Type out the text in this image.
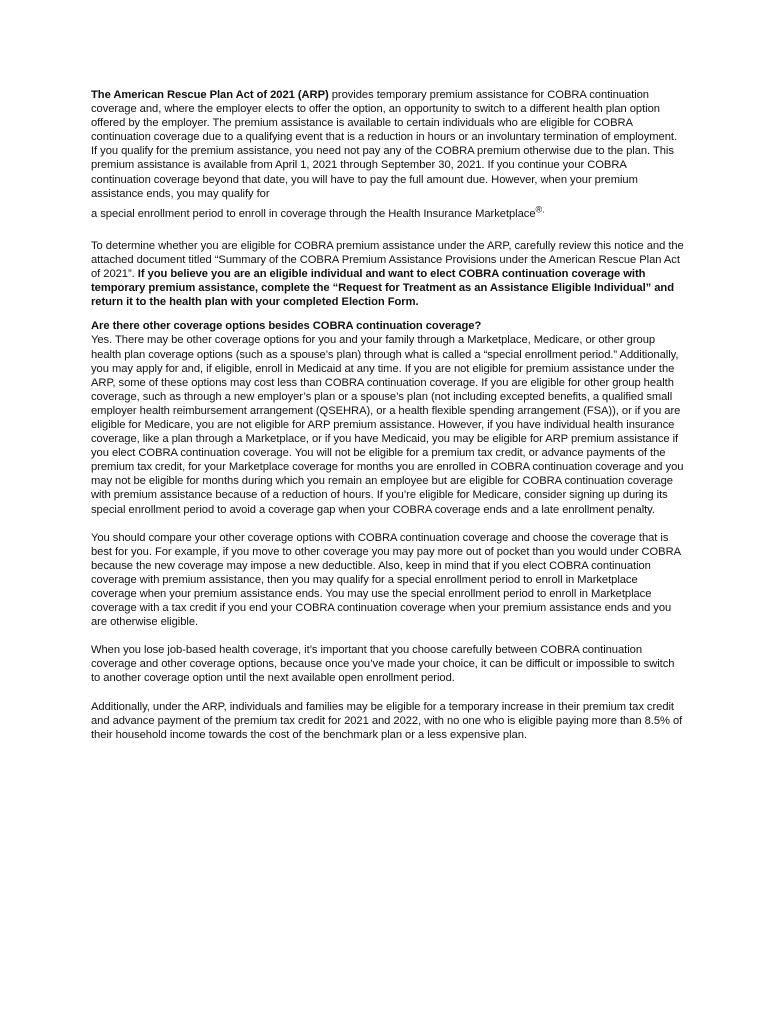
The American Rescue Plan Act of 2021 (ARP) provides temporary premium assistance for COBRA continuation coverage and, where the employer elects to offer the option, an opportunity to switch to a different health plan option offered by the employer. The premium assistance is available to certain individuals who are eligible for COBRA continuation coverage due to a qualifying event that is a reduction in hours or an involuntary termination of employment. If you qualify for the premium assistance, you need not pay any of the COBRA premium otherwise due to the plan. This premium assistance is available from April 1, 2021 through September 30, 2021. If you continue your COBRA continuation coverage beyond that date, you will have to pay the full amount due. However, when your premium assistance ends, you may qualify for
a special enrollment period to enroll in coverage through the Health Insurance Marketplace®.

To determine whether you are eligible for COBRA premium assistance under the ARP, carefully review this notice and the attached document titled “Summary of the COBRA Premium Assistance Provisions under the American Rescue Plan Act of 2021”. If you believe you are an eligible individual and want to elect COBRA continuation coverage with temporary premium assistance, complete the “Request for Treatment as an Assistance Eligible Individual” and return it to the health plan with your completed Election Form.

Are there other coverage options besides COBRA continuation coverage?
Yes. There may be other coverage options for you and your family through a Marketplace, Medicare, or other group health plan coverage options (such as a spouse’s plan) through what is called a “special enrollment period.” Additionally, you may apply for and, if eligible, enroll in Medicaid at any time. If you are not eligible for premium assistance under the ARP, some of these options may cost less than COBRA continuation coverage. If you are eligible for other group health coverage, such as through a new employer’s plan or a spouse’s plan (not including excepted benefits, a qualified small employer health reimbursement arrangement (QSEHRA), or a health flexible spending arrangement (FSA)), or if you are eligible for Medicare, you are not eligible for ARP premium assistance. However, if you have individual health insurance coverage, like a plan through a Marketplace, or if you have Medicaid, you may be eligible for ARP premium assistance if you elect COBRA continuation coverage. You will not be eligible for a premium tax credit, or advance payments of the premium tax credit, for your Marketplace coverage for months you are enrolled in COBRA continuation coverage and you may not be eligible for months during which you remain an employee but are eligible for COBRA continuation coverage with premium assistance because of a reduction of hours. If you’re eligible for Medicare, consider signing up during its special enrollment period to avoid a coverage gap when your COBRA coverage ends and a late enrollment penalty.

You should compare your other coverage options with COBRA continuation coverage and choose the coverage that is best for you. For example, if you move to other coverage you may pay more out of pocket than you would under COBRA because the new coverage may impose a new deductible. Also, keep in mind that if you elect COBRA continuation coverage with premium assistance, then you may qualify for a special enrollment period to enroll in Marketplace coverage when your premium assistance ends. You may use the special enrollment period to enroll in Marketplace coverage with a tax credit if you end your COBRA continuation coverage when your premium assistance ends and you are otherwise eligible.

When you lose job-based health coverage, it’s important that you choose carefully between COBRA continuation coverage and other coverage options, because once you’ve made your choice, it can be difficult or impossible to switch to another coverage option until the next available open enrollment period.

Additionally, under the ARP, individuals and families may be eligible for a temporary increase in their premium tax credit and advance payment of the premium tax credit for 2021 and 2022, with no one who is eligible paying more than 8.5% of their household income towards the cost of the benchmark plan or a less expensive plan.
